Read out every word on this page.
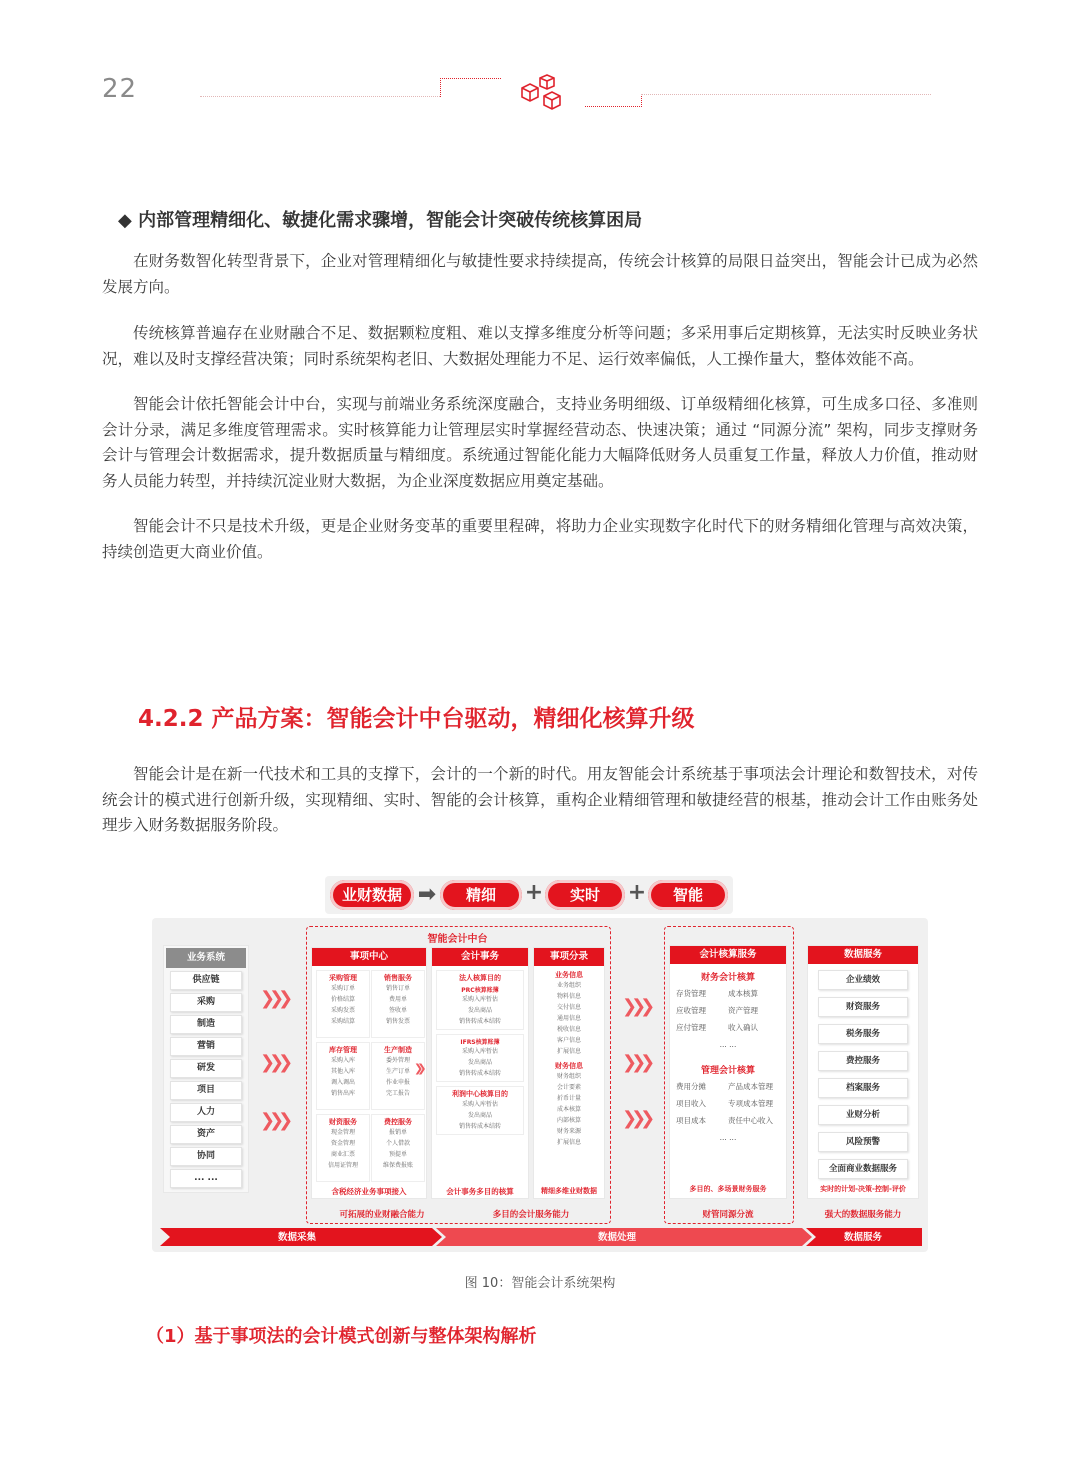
22
◆ 内部管理精细化、敏捷化需求骤增，智能会计突破传统核算困局

在财务数智化转型背景下，企业对管理精细化与敏捷性要求持续提高，传统会计核算的局限日益突出，智能会计已成为必然发展方向。

传统核算普遍存在业财融合不足、数据颗粒度粗、难以支撑多维度分析等问题；多采用事后定期核算，无法实时反映业务状况，难以及时支撑经营决策；同时系统架构老旧、大数据处理能力不足、运行效率偏低，人工操作量大，整体效能不高。

智能会计依托智能会计中台，实现与前端业务系统深度融合，支持业务明细级、订单级精细化核算，可生成多口径、多准则会计分录，满足多维度管理需求。实时核算能力让管理层实时掌握经营动态、快速决策；通过 “同源分流” 架构，同步支撑财务会计与管理会计数据需求，提升数据质量与精细度。系统通过智能化能力大幅降低财务人员重复工作量，释放人力价值，推动财务人员能力转型，并持续沉淀业财大数据，为企业深度数据应用奠定基础。

智能会计不只是技术升级，更是企业财务变革的重要里程碑，将助力企业实现数字化时代下的财务精细化管理与高效决策，持续创造更大商业价值。

4.2.2 产品方案：智能会计中台驱动，精细化核算升级

智能会计是在新一代技术和工具的支撑下，会计的一个新的时代。用友智能会计系统基于事项法会计理论和数智技术，对传统会计的模式进行创新升级，实现精细、实时、智能的会计核算，重构企业精细管理和敏捷经营的根基，推动会计工作由账务处理步入财务数据服务阶段。

业财数据 ➡	精细	+	实时	+	智能
业务系统
供应链
采购
制造
营销
研发
项目
人力
资产
协同
... ...
❯❯❯
❯❯❯
❯❯❯
智能会计中台
事项中心
采购管理
采购订单
价格结算
采购发票
采购结算
销售服务
销售订单
费用单
签收单
销售发票
库存管理
采购入库
其他入库
调入调出
销售出库
生产制造
委外管理
生产订单
作业申报
完工报告
财资服务
现金管理
资金管理
商业汇票
信用证管理
费控服务
报销单
个人借款
预提单
维保费报账
含税经济业务事项接入
会计事务
法人核算目的
PRC核算账簿
采购入库暂估
发出商品
销售转成本结转
IFRS核算账簿
采购入库暂估
发出商品
销售转成本结转
利润中心核算目的
采购入库暂估
发出商品
销售转成本结转
会计事务多目的核算
❯❯
事项分录
业务信息
业务组织
物料信息
交付信息
通用信息
税收信息
客户信息
扩展信息
财务信息
财务组织
会计要素
折币计量
成本核算
内部核算
财务来源
扩展信息
精细多维业财数据
可拓展的业财融合能力	多目的会计服务能力
❯❯❯
❯❯❯
❯❯❯
会计核算服务
财务会计核算
存货管理	成本核算
应收管理	资产管理
应付管理	收入确认
... ...
管理会计核算
费用分摊	产品成本管理
项目收入	专项成本管理
项目成本	责任中心收入
... ...
多目的、多场景财务服务
财管同源分流
数据服务
企业绩效
财资服务
税务服务
费控服务
档案服务
业财分析
风险预警
全面商业数据服务
实时的计划-决策-控制-评价
强大的数据服务能力
数据采集	数据处理	数据服务
图 10：智能会计系统架构
（1）基于事项法的会计模式创新与整体架构解析
